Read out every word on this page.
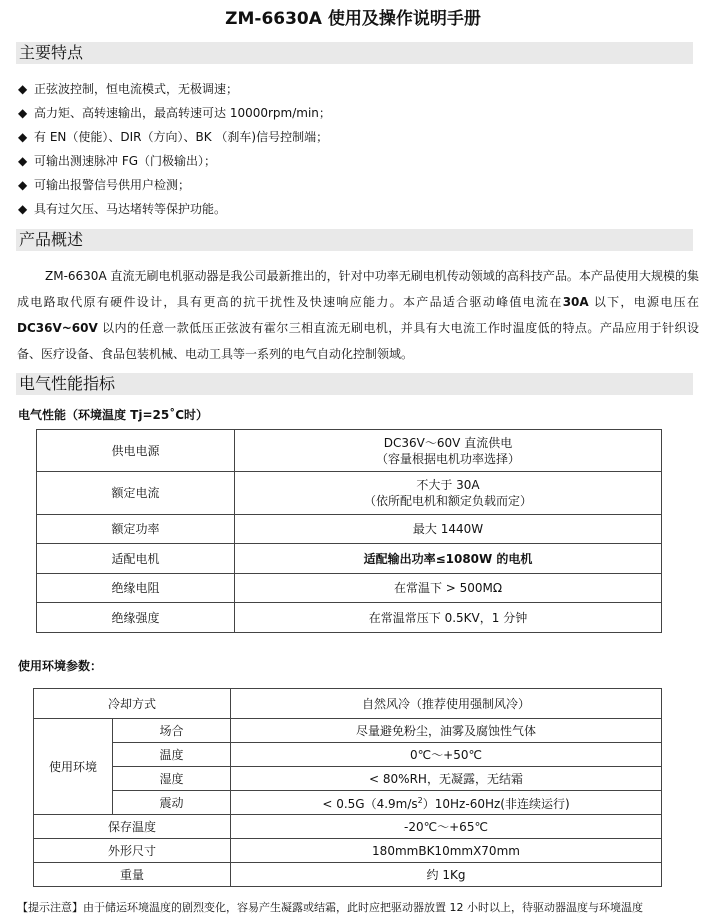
ZM-6630A 使用及操作说明手册
主要特点
◆ 正弦波控制，恒电流模式，无极调速；
◆ 高力矩、高转速输出，最高转速可达 10000rpm/min；
◆ 有 EN（使能）、DIR（方向）、BK （刹车)信号控制端；
◆ 可输出测速脉冲 FG（门极输出）；
◆ 可输出报警信号供用户检测；
◆ 具有过欠压、马达堵转等保护功能。
产品概述
ZM-6630A 直流无刷电机驱动器是我公司最新推出的，针对中功率无刷电机传动领域的高科技产品。本产品使用大规模的集成电路取代原有硬件设计，具有更高的抗干扰性及快速响应能力。本产品适合驱动峰值电流在30A 以下，电源电压在 DC36V~60V 以内的任意一款低压正弦波有霍尔三相直流无刷电机，并具有大电流工作时温度低的特点。产品应用于针织设备、医疗设备、食品包装机械、电动工具等一系列的电气自动化控制领域。
电气性能指标
电气性能（环境温度 Tj=25˚C时）
供电电源	DC36V～60V 直流供电
（容量根据电机功率选择）

额定电流	不大于 30A
（依所配电机和额定负载而定）

额定功率	最大 1440W
适配电机	适配输出功率≤1080W 的电机
绝缘电阻	在常温下 > 500MΩ
绝缘强度	在常温常压下 0.5KV，1 分钟
使用环境参数：
冷却方式		自然风冷（推荐使用强制风冷）
使用环境	场合	尽量避免粉尘，油雾及腐蚀性气体
	温度	0℃～+50℃
	湿度	< 80%RH，无凝露，无结霜
	震动	< $0.5G(4.9m/s^2)10Hz-60Hz$(非连续运行)
保存温度		-20℃～+65℃
外形尺寸		180mmBK10mmX70mm
重量		约 1Kg
【提示注意】由于储运环境温度的剧烈变化，容易产生凝露或结霜，此时应把驱动器放置 12 小时以上，待驱动器温度与环境温度
